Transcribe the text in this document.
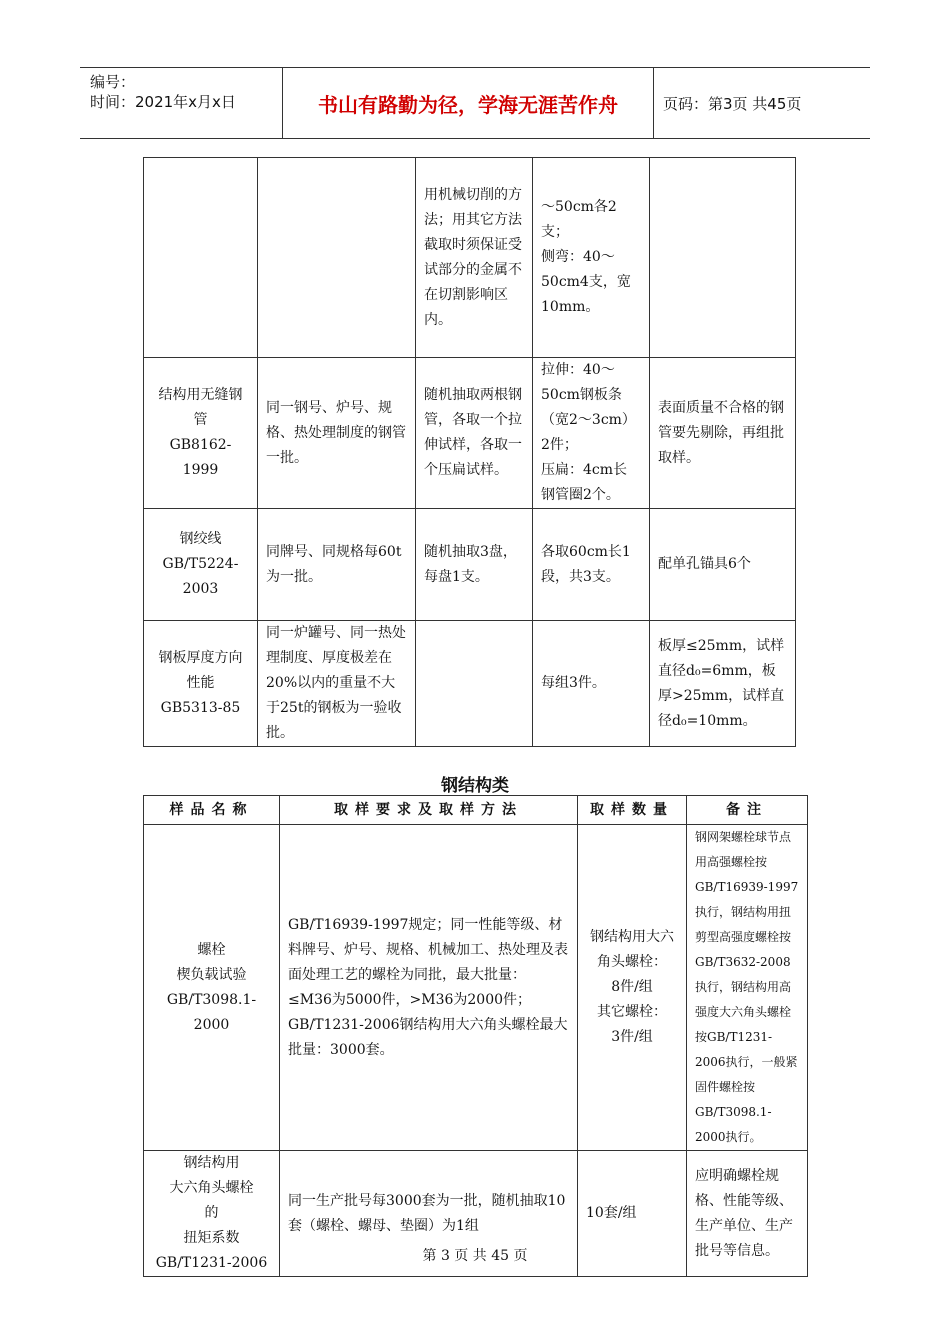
编号：
时间：2021年x月x日	书山有路勤为径，学海无涯苦作舟	页码：第3页 共45页
		用机械切削的方法；用其它方法截取时须保证受试部分的金属不在切割影响区内。	～50cm各2支；
侧弯：40～50cm4支，宽10mm。	
结构用无缝钢管
GB8162-1999	同一钢号、炉号、规格、热处理制度的钢管一批。	随机抽取两根钢管，各取一个拉伸试样，各取一个压扁试样。	拉伸：40～50cm钢板条（宽2～3cm）2件；
压扁：4cm长钢管圈2个。	表面质量不合格的钢管要先剔除，再组批取样。
钢绞线
GB/T5224-2003	同牌号、同规格每60t为一批。	随机抽取3盘，每盘1支。	各取60cm长1段，共3支。	配单孔锚具6个
钢板厚度方向性能
GB5313-85	同一炉罐号、同一热处理制度、厚度极差在20%以内的重量不大于25t的钢板为一验收批。		每组3件。	板厚≤25mm，试样直径d₀=6mm，板厚>25mm，试样直径d₀=10mm。
钢结构类
样品名称	取样要求及取样方法	取样数量	备注
螺栓
楔负载试验
GB/T3098.1-2000	GB/T16939-1997规定；同一性能等级、材料牌号、炉号、规格、机械加工、热处理及表面处理工艺的螺栓为同批，最大批量：≤M36为5000件，>M36为2000件；
GB/T1231-2006钢结构用大六角头螺栓最大批量：3000套。	钢结构用大六角头螺栓：
8件/组
其它螺栓：
3件/组	钢网架螺栓球节点用高强螺栓按GB/T16939-1997执行，钢结构用扭剪型高强度螺栓按GB/T3632-2008执行，钢结构用高强度大六角头螺栓按GB/T1231-2006执行，一般紧固件螺栓按GB/T3098.1-2000执行。
钢结构用
大六角头螺栓
的
扭矩系数
GB/T1231-2006	同一生产批号每3000套为一批，随机抽取10套（螺栓、螺母、垫圈）为1组	10套/组	应明确螺栓规格、性能等级、生产单位、生产批号等信息。
第 3 页 共 45 页
